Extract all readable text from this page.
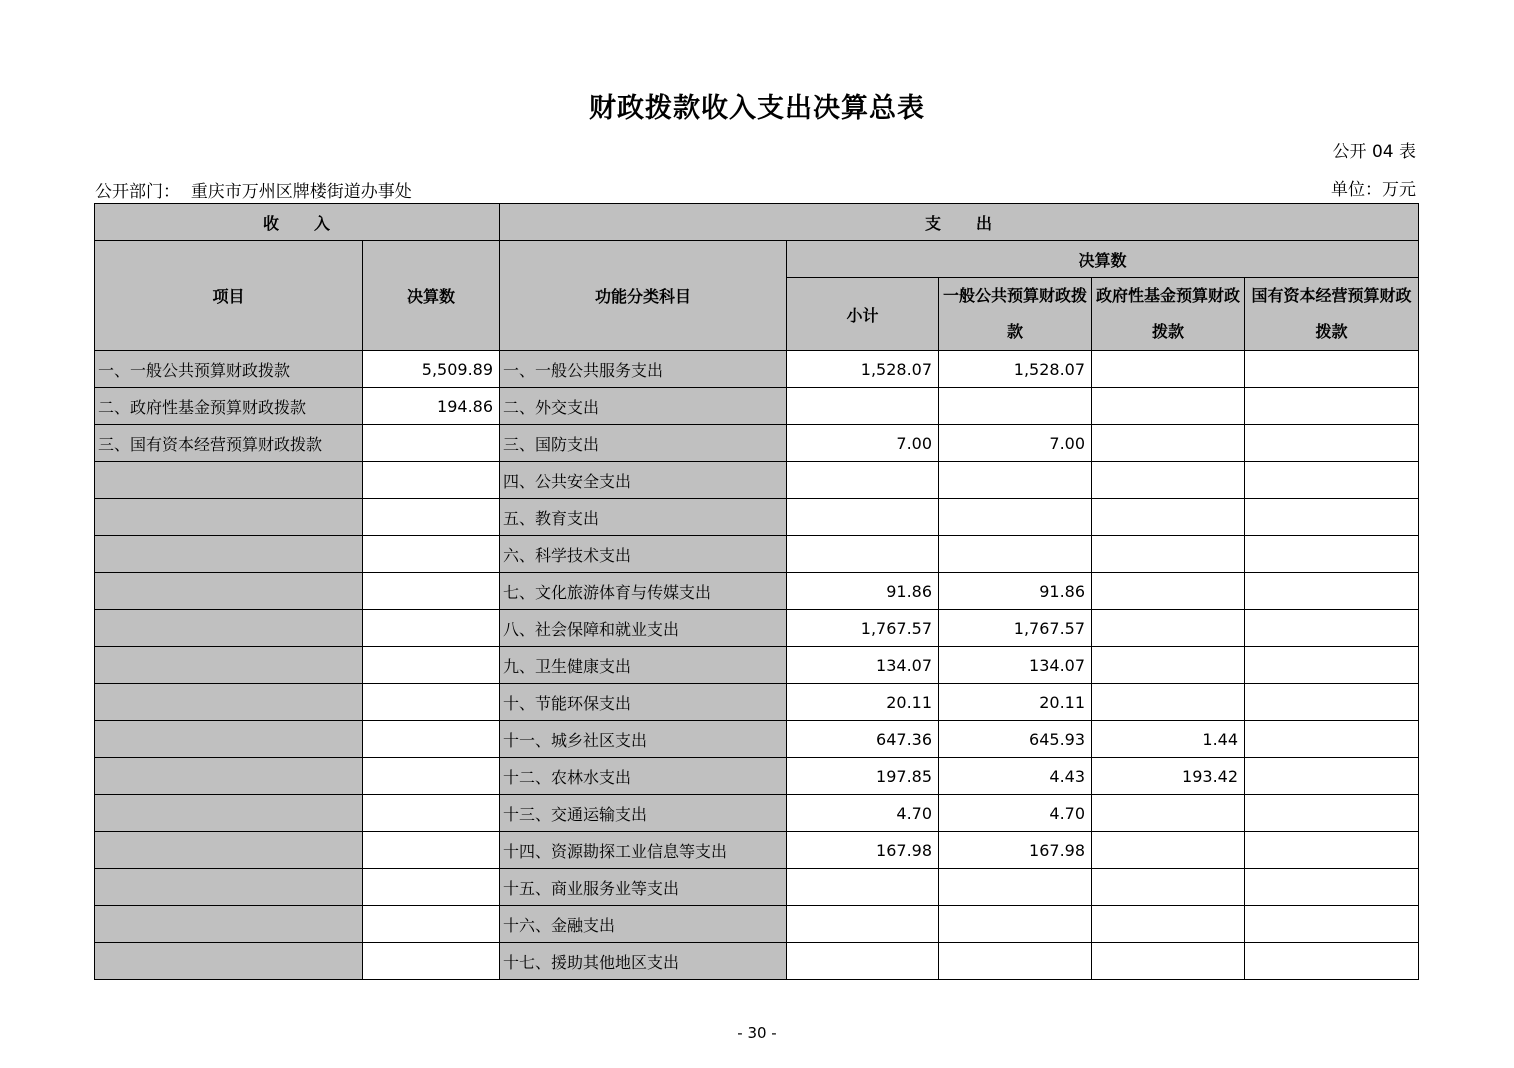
财政拨款收入支出决算总表
公开 04 表
公开部门： 重庆市万州区牌楼街道办事处	单位：万元
收　　入		支　　出				
项目	决算数	功能分类科目	决算数			
			小计	一般公共预算财政拨款	政府性基金预算财政拨款	国有资本经营预算财政拨款

一、一般公共预算财政拨款	5,509.89	一、一般公共服务支出	1,528.07	1,528.07		
二、政府性基金预算财政拨款	194.86	二、外交支出				
三、国有资本经营预算财政拨款		三、国防支出	7.00	7.00		
		四、公共安全支出				
		五、教育支出				
		六、科学技术支出				
		七、文化旅游体育与传媒支出	91.86	91.86		
		八、社会保障和就业支出	1,767.57	1,767.57		
		九、卫生健康支出	134.07	134.07		
		十、节能环保支出	20.11	20.11		
		十一、城乡社区支出	647.36	645.93	1.44	
		十二、农林水支出	197.85	4.43	193.42	
		十三、交通运输支出	4.70	4.70		
		十四、资源勘探工业信息等支出	167.98	167.98		
		十五、商业服务业等支出				
		十六、金融支出				
		十七、援助其他地区支出				
- 30 -
